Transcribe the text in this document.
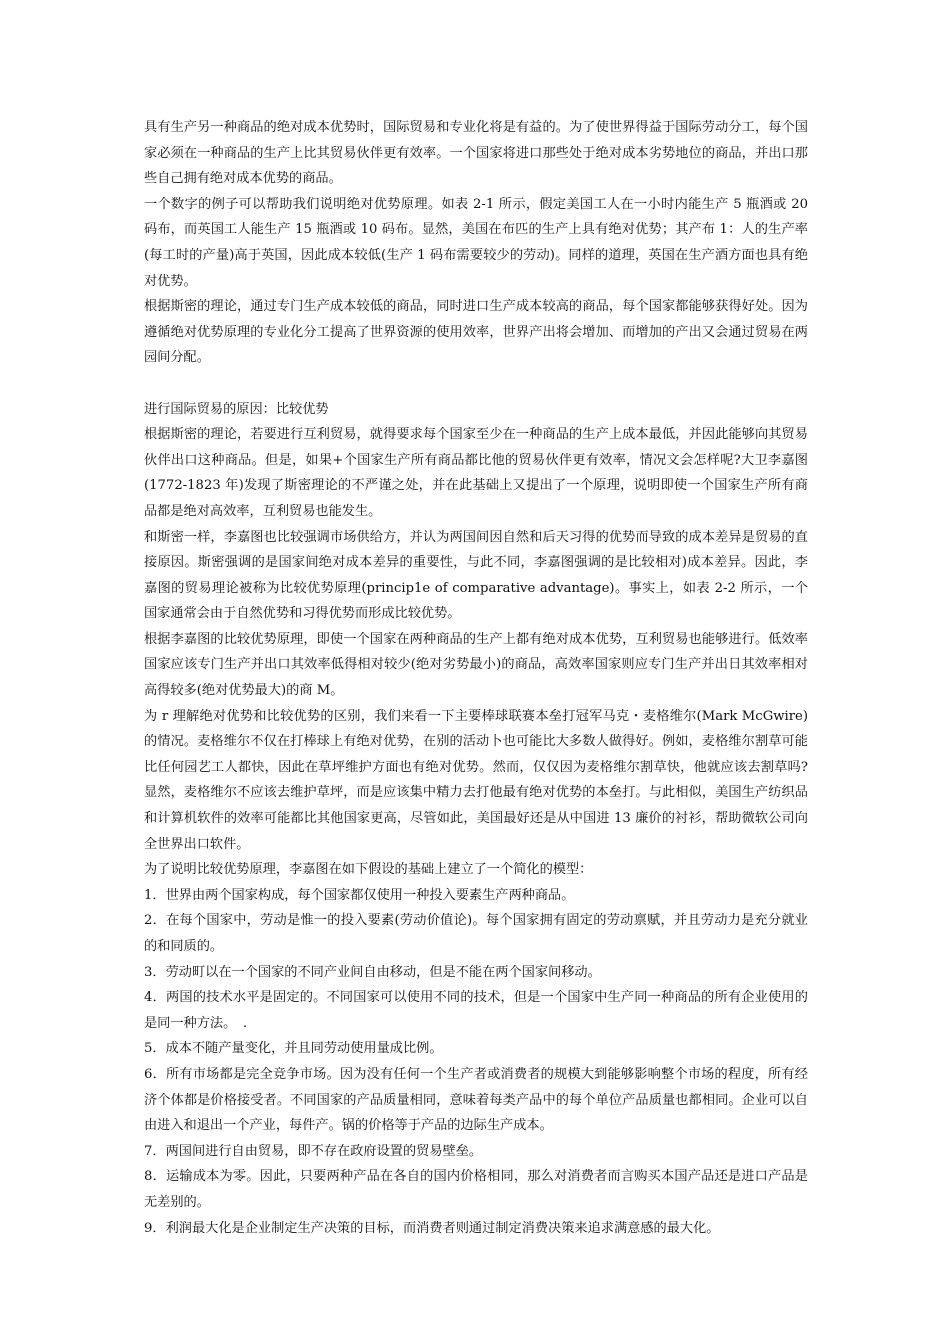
具有生产另一种商品的绝对成本优势时，国际贸易和专业化将是有益的。为了使世界得益于国际劳动分工，每个国家必须在一种商品的生产上比其贸易伙伴更有效率。一个国家将进口那些处于绝对成本劣势地位的商品，并出口那些自己拥有绝对成本优势的商品。

一个数字的例子可以帮助我们说明绝对优势原理。如表 2-1 所示，假定美国工人在一小时内能生产 5 瓶酒或 20 码布，而英国工人能生产 15 瓶酒或 10 码布。显然，美国在布匹的生产上具有绝对优势；其产布 1：人的生产率(每工时的产量)高于英国，因此成本较低(生产 1 码布需要较少的劳动)。同样的道理，英国在生产酒方面也具有绝对优势。

根据斯密的理论，通过专门生产成本较低的商品，同时进口生产成本较高的商品，每个国家都能够获得好处。因为遵循绝对优势原理的专业化分工提高了世界资源的使用效率，世界产出将会增加、而增加的产出又会通过贸易在两园间分配。

进行国际贸易的原因：比较优势

根据斯密的理论，若要进行互利贸易，就得要求每个国家至少在一种商品的生产上成本最低，并因此能够向其贸易伙伴出口这种商品。但是，如果+个国家生产所有商品都比他的贸易伙伴更有效率，情况文会怎样呢?大卫李嘉图(1772-1823 年)发现了斯密理论的不严谨之处，并在此基础上又提出了一个原理，说明即使一个国家生产所有商品都是绝对高效率，互利贸易也能发生。

和斯密一样，李嘉图也比较强调市场供给方，并认为两国间因自然和后天习得的优势而导致的成本差异是贸易的直接原因。斯密强调的是国家间绝对成本差异的重要性，与此不同，李嘉图强调的是比较相对)成本差异。因此，李嘉图的贸易理论被称为比较优势原理(princip1e of comparative advantage)。事实上，如表 2-2 所示，一个国家通常会由于自然优势和习得优势而形成比较优势。

根据李嘉图的比较优势原理，即使一个国家在两种商品的生产上都有绝对成本优势，互利贸易也能够进行。低效率国家应该专门生产并出口其效率低得相对较少(绝对劣势最小)的商品，高效率国家则应专门生产并出日其效率相对高得较多(绝对优势最大)的商 M。

为 r 理解绝对优势和比较优势的区别，我们来看一下主要棒球联赛本垒打冠军马克・麦格维尔(Mark McGwire)的情况。麦格维尔不仅在打棒球上有绝对优势，在别的活动卜也可能比大多数人做得好。例如，麦格维尔割草可能比任何园艺工人都快，因此在草坪维护方面也有绝对优势。然而，仅仅因为麦格维尔割草快，他就应该去割草吗?显然，麦格维尔不应该去维护草坪，而是应该集中精力去打他最有绝对优势的本垒打。与此相似，美国生产纺织品和计算机软件的效率可能都比其他国家更高，尽管如此，美国最好还是从中国进 13 廉价的衬衫，帮助微软公司向全世界出口软件。

为了说明比较优势原理，李嘉图在如下假设的基础上建立了一个简化的模型：

1．世界由两个国家构成，每个国家都仅使用一种投入要素生产两种商品。

2．在每个国家中，劳动是惟一的投入要素(劳动价值论)。每个国家拥有固定的劳动禀赋，并且劳动力是充分就业的和同质的。

3．劳动町以在一个国家的不同产业间自由移动，但是不能在两个国家间移动。

4．两国的技术水平是固定的。不同国家可以使用不同的技术，但是一个国家中生产同一种商品的所有企业使用的是同一种方法。　.

5．成本不随产量变化，并且同劳动使用量成比例。

6．所有市场都是完全竞争市场。因为没有任何一个生产者或消费者的规模大到能够影响整个市场的程度，所有经济个体都是价格接受者。不同国家的产品质量相同，意味着每类产品中的每个单位产品质量也都相同。企业可以自由进入和退出一个产业，每件产。锅的价格等于产品的边际生产成本。

7．两国间进行自由贸易，即不存在政府设置的贸易壁垒。

8．运输成本为零。因此，只要两种产品在各自的国内价格相同，那么对消费者而言购买本国产品还是进口产品是无差别的。

9．利润最大化是企业制定生产决策的目标，而消费者则通过制定消费决策来追求满意感的最大化。
